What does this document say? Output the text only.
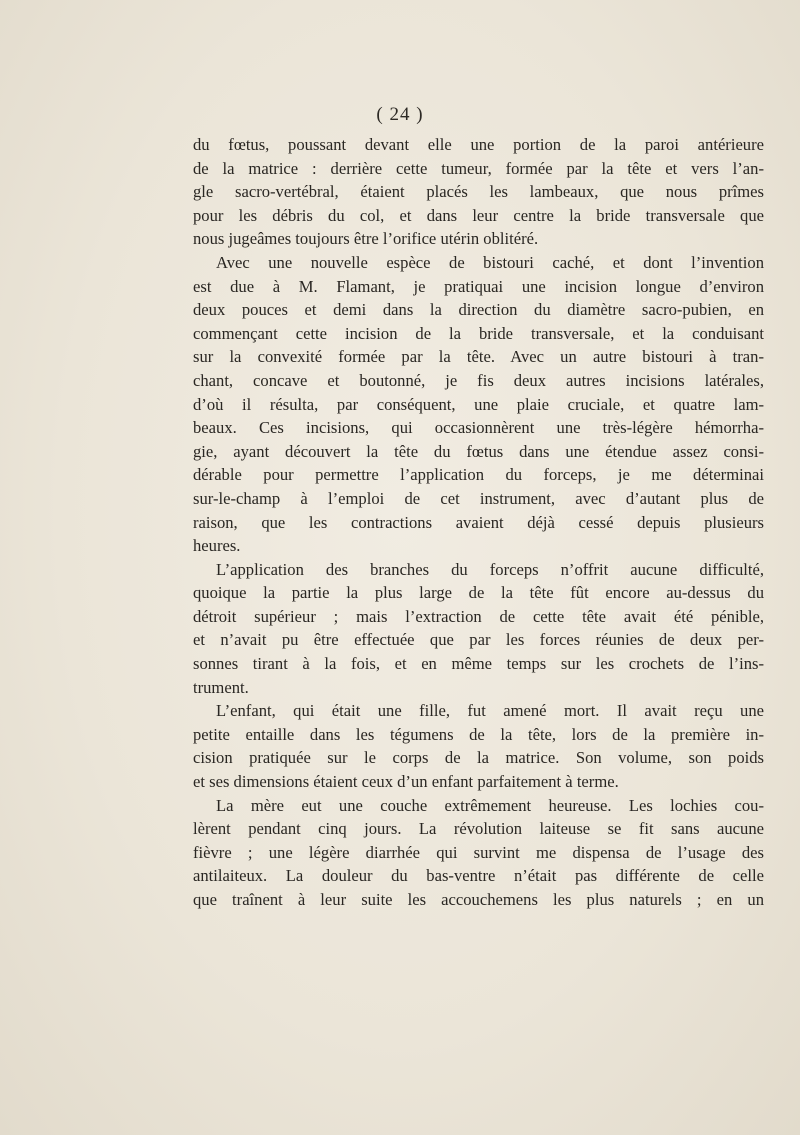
( 24 )
du fœtus, poussant devant elle une portion de la paroi antérieure
de la matrice : derrière cette tumeur, formée par la tête et vers l’an-
gle sacro-vertébral, étaient placés les lambeaux, que nous prîmes
pour les débris du col, et dans leur centre la bride transversale que
nous jugeâmes toujours être l’orifice utérin oblitéré.
Avec une nouvelle espèce de bistouri caché, et dont l’invention
est due à M. Flamant, je pratiquai une incision longue d’environ
deux pouces et demi dans la direction du diamètre sacro-pubien, en
commençant cette incision de la bride transversale, et la conduisant
sur la convexité formée par la tête. Avec un autre bistouri à tran-
chant, concave et boutonné, je fis deux autres incisions latérales,
d’où il résulta, par conséquent, une plaie cruciale, et quatre lam-
beaux. Ces incisions, qui occasionnèrent une très-légère hémorrha-
gie, ayant découvert la tête du fœtus dans une étendue assez consi-
dérable pour permettre l’application du forceps, je me déterminai
sur-le-champ à l’emploi de cet instrument, avec d’autant plus de
raison, que les contractions avaient déjà cessé depuis plusieurs
heures.
L’application des branches du forceps n’offrit aucune difficulté,
quoique la partie la plus large de la tête fût encore au-dessus du
détroit supérieur ; mais l’extraction de cette tête avait été pénible,
et n’avait pu être effectuée que par les forces réunies de deux per-
sonnes tirant à la fois, et en même temps sur les crochets de l’ins-
trument.
L’enfant, qui était une fille, fut amené mort. Il avait reçu une
petite entaille dans les tégumens de la tête, lors de la première in-
cision pratiquée sur le corps de la matrice. Son volume, son poids
et ses dimensions étaient ceux d’un enfant parfaitement à terme.
La mère eut une couche extrêmement heureuse. Les lochies cou-
lèrent pendant cinq jours. La révolution laiteuse se fit sans aucune
fièvre ; une légère diarrhée qui survint me dispensa de l’usage des
antilaiteux. La douleur du bas-ventre n’était pas différente de celle
que traînent à leur suite les accouchemens les plus naturels ; en un
